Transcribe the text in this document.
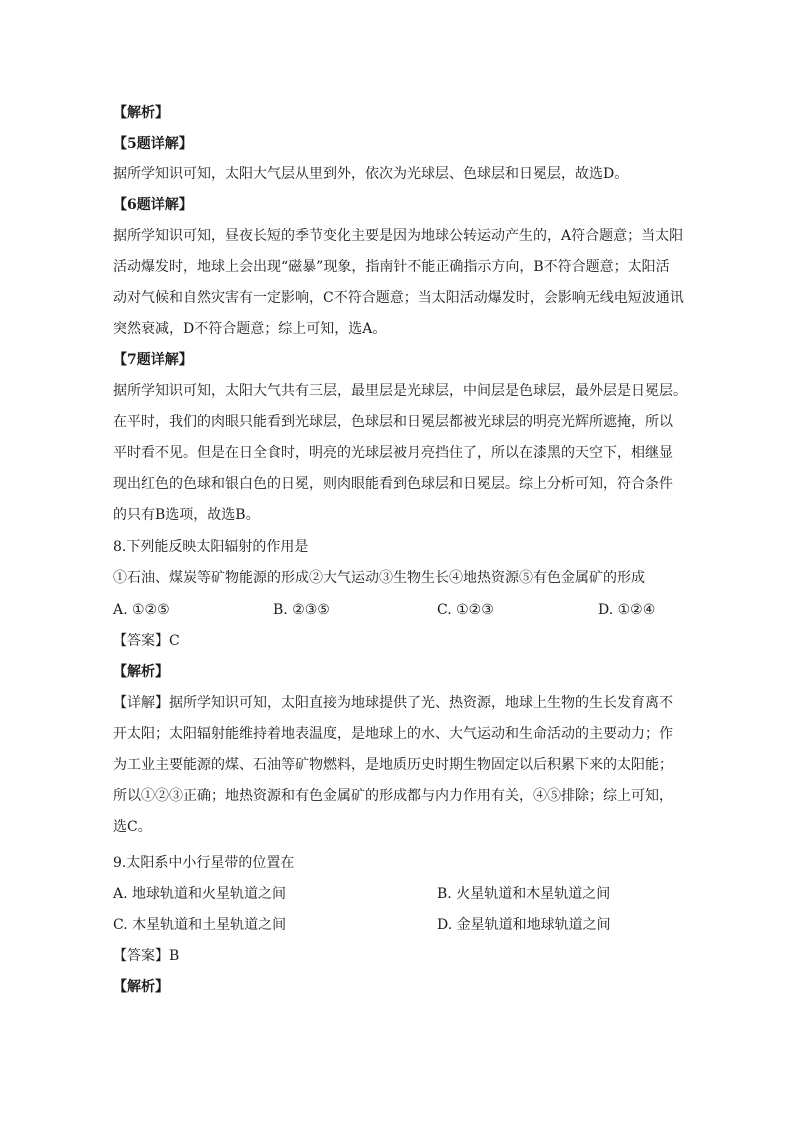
【解析】
【5题详解】
据所学知识可知，太阳大气层从里到外，依次为光球层、色球层和日冕层，故选D。
【6题详解】
据所学知识可知，昼夜长短的季节变化主要是因为地球公转运动产生的，A符合题意；当太阳
活动爆发时，地球上会出现“磁暴”现象，指南针不能正确指示方向，B不符合题意；太阳活
动对气候和自然灾害有一定影响，C不符合题意；当太阳活动爆发时，会影响无线电短波通讯
突然衰减，D不符合题意；综上可知，选A。
【7题详解】
据所学知识可知，太阳大气共有三层，最里层是光球层，中间层是色球层，最外层是日冕层。
在平时，我们的肉眼只能看到光球层，色球层和日冕层都被光球层的明亮光辉所遮掩，所以
平时看不见。但是在日全食时，明亮的光球层被月亮挡住了，所以在漆黑的天空下，相继显
现出红色的色球和银白色的日冕，则肉眼能看到色球层和日冕层。综上分析可知，符合条件
的只有B选项，故选B。
8.下列能反映太阳辐射的作用是
①石油、煤炭等矿物能源的形成②大气运动③生物生长④地热资源⑤有色金属矿的形成
A. ①②⑤	B. ②③⑤	C. ①②③	D. ①②④
【答案】C
【解析】
【详解】据所学知识可知，太阳直接为地球提供了光、热资源，地球上生物的生长发育离不
开太阳；太阳辐射能维持着地表温度，是地球上的水、大气运动和生命活动的主要动力；作
为工业主要能源的煤、石油等矿物燃料，是地质历史时期生物固定以后积累下来的太阳能；
所以①②③正确；地热资源和有色金属矿的形成都与内力作用有关，④⑤排除；综上可知，
选C。
9.太阳系中小行星带的位置在
A. 地球轨道和火星轨道之间	B. 火星轨道和木星轨道之间
C. 木星轨道和土星轨道之间	D. 金星轨道和地球轨道之间
【答案】B
【解析】
